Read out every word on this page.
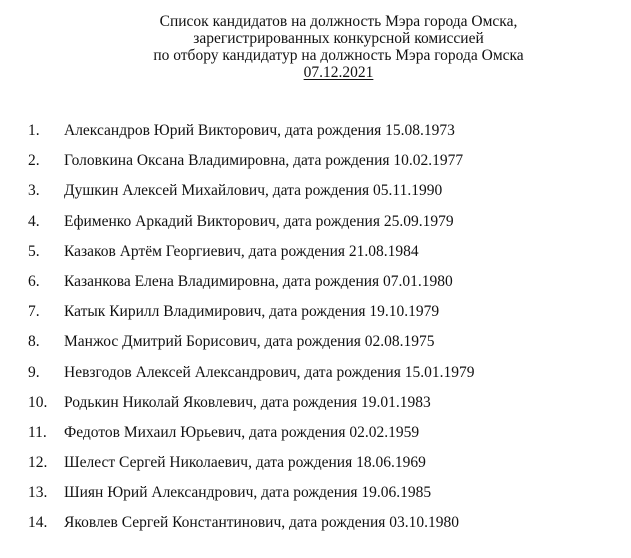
Список кандидатов на должность Мэра города Омска,
зарегистрированных конкурсной комиссией
по отбору кандидатур на должность Мэра города Омска
07.12.2021
1. Александров Юрий Викторович, дата рождения 15.08.1973
2. Головкина Оксана Владимировна, дата рождения 10.02.1977
3. Душкин Алексей Михайлович, дата рождения 05.11.1990
4. Ефименко Аркадий Викторович, дата рождения 25.09.1979
5. Казаков Артём Георгиевич, дата рождения 21.08.1984
6. Казанкова Елена Владимировна, дата рождения 07.01.1980
7. Катык Кирилл Владимирович, дата рождения 19.10.1979
8. Манжос Дмитрий Борисович, дата рождения 02.08.1975
9. Невзгодов Алексей Александрович, дата рождения 15.01.1979
10. Родькин Николай Яковлевич, дата рождения 19.01.1983
11. Федотов Михаил Юрьевич, дата рождения 02.02.1959
12. Шелест Сергей Николаевич, дата рождения 18.06.1969
13. Шиян Юрий Александрович, дата рождения 19.06.1985
14. Яковлев Сергей Константинович, дата рождения 03.10.1980
